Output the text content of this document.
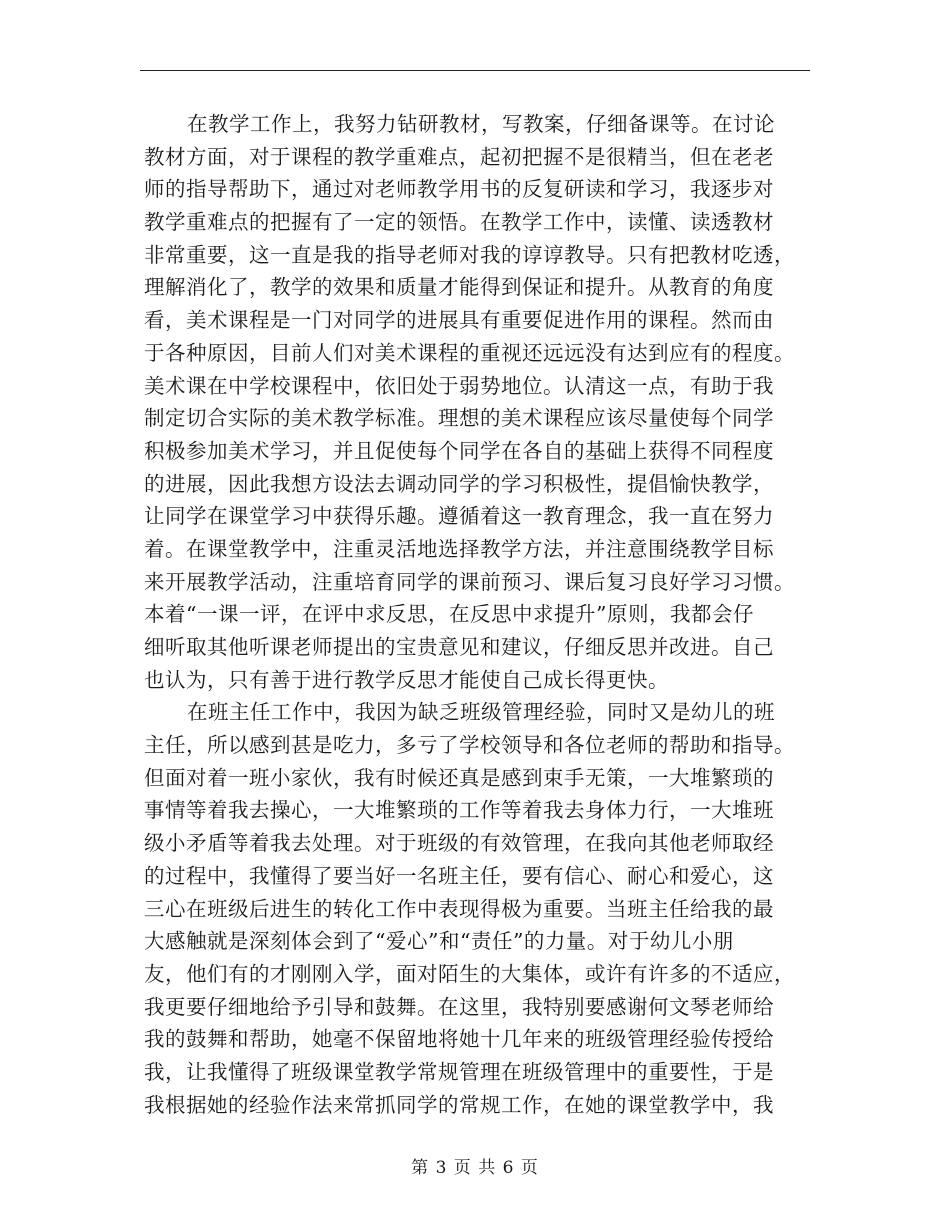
在教学工作上，我努力钻研教材，写教案，仔细备课等。在讨论
教材方面，对于课程的教学重难点，起初把握不是很精当，但在老老
师的指导帮助下，通过对老师教学用书的反复研读和学习，我逐步对
教学重难点的把握有了一定的领悟。在教学工作中，读懂、读透教材
非常重要，这一直是我的指导老师对我的谆谆教导。只有把教材吃透，
理解消化了，教学的效果和质量才能得到保证和提升。从教育的角度
看，美术课程是一门对同学的进展具有重要促进作用的课程。然而由
于各种原因，目前人们对美术课程的重视还远远没有达到应有的程度。
美术课在中学校课程中，依旧处于弱势地位。认清这一点，有助于我
制定切合实际的美术教学标准。理想的美术课程应该尽量使每个同学
积极参加美术学习，并且促使每个同学在各自的基础上获得不同程度
的进展，因此我想方设法去调动同学的学习积极性，提倡愉快教学，
让同学在课堂学习中获得乐趣。遵循着这一教育理念，我一直在努力
着。在课堂教学中，注重灵活地选择教学方法，并注意围绕教学目标
来开展教学活动，注重培育同学的课前预习、课后复习良好学习习惯。
本着“一课一评，在评中求反思，在反思中求提升”原则，我都会仔
细听取其他听课老师提出的宝贵意见和建议，仔细反思并改进。自己
也认为，只有善于进行教学反思才能使自己成长得更快。
在班主任工作中，我因为缺乏班级管理经验，同时又是幼儿的班
主任，所以感到甚是吃力，多亏了学校领导和各位老师的帮助和指导。
但面对着一班小家伙，我有时候还真是感到束手无策，一大堆繁琐的
事情等着我去操心，一大堆繁琐的工作等着我去身体力行，一大堆班
级小矛盾等着我去处理。对于班级的有效管理，在我向其他老师取经
的过程中，我懂得了要当好一名班主任，要有信心、耐心和爱心，这
三心在班级后进生的转化工作中表现得极为重要。当班主任给我的最
大感触就是深刻体会到了“爱心”和“责任”的力量。对于幼儿小朋
友，他们有的才刚刚入学，面对陌生的大集体，或许有许多的不适应，
我更要仔细地给予引导和鼓舞。在这里，我特别要感谢何文琴老师给
我的鼓舞和帮助，她毫不保留地将她十几年来的班级管理经验传授给
我，让我懂得了班级课堂教学常规管理在班级管理中的重要性，于是
我根据她的经验作法来常抓同学的常规工作，在她的课堂教学中，我
第 3 页 共 6 页
